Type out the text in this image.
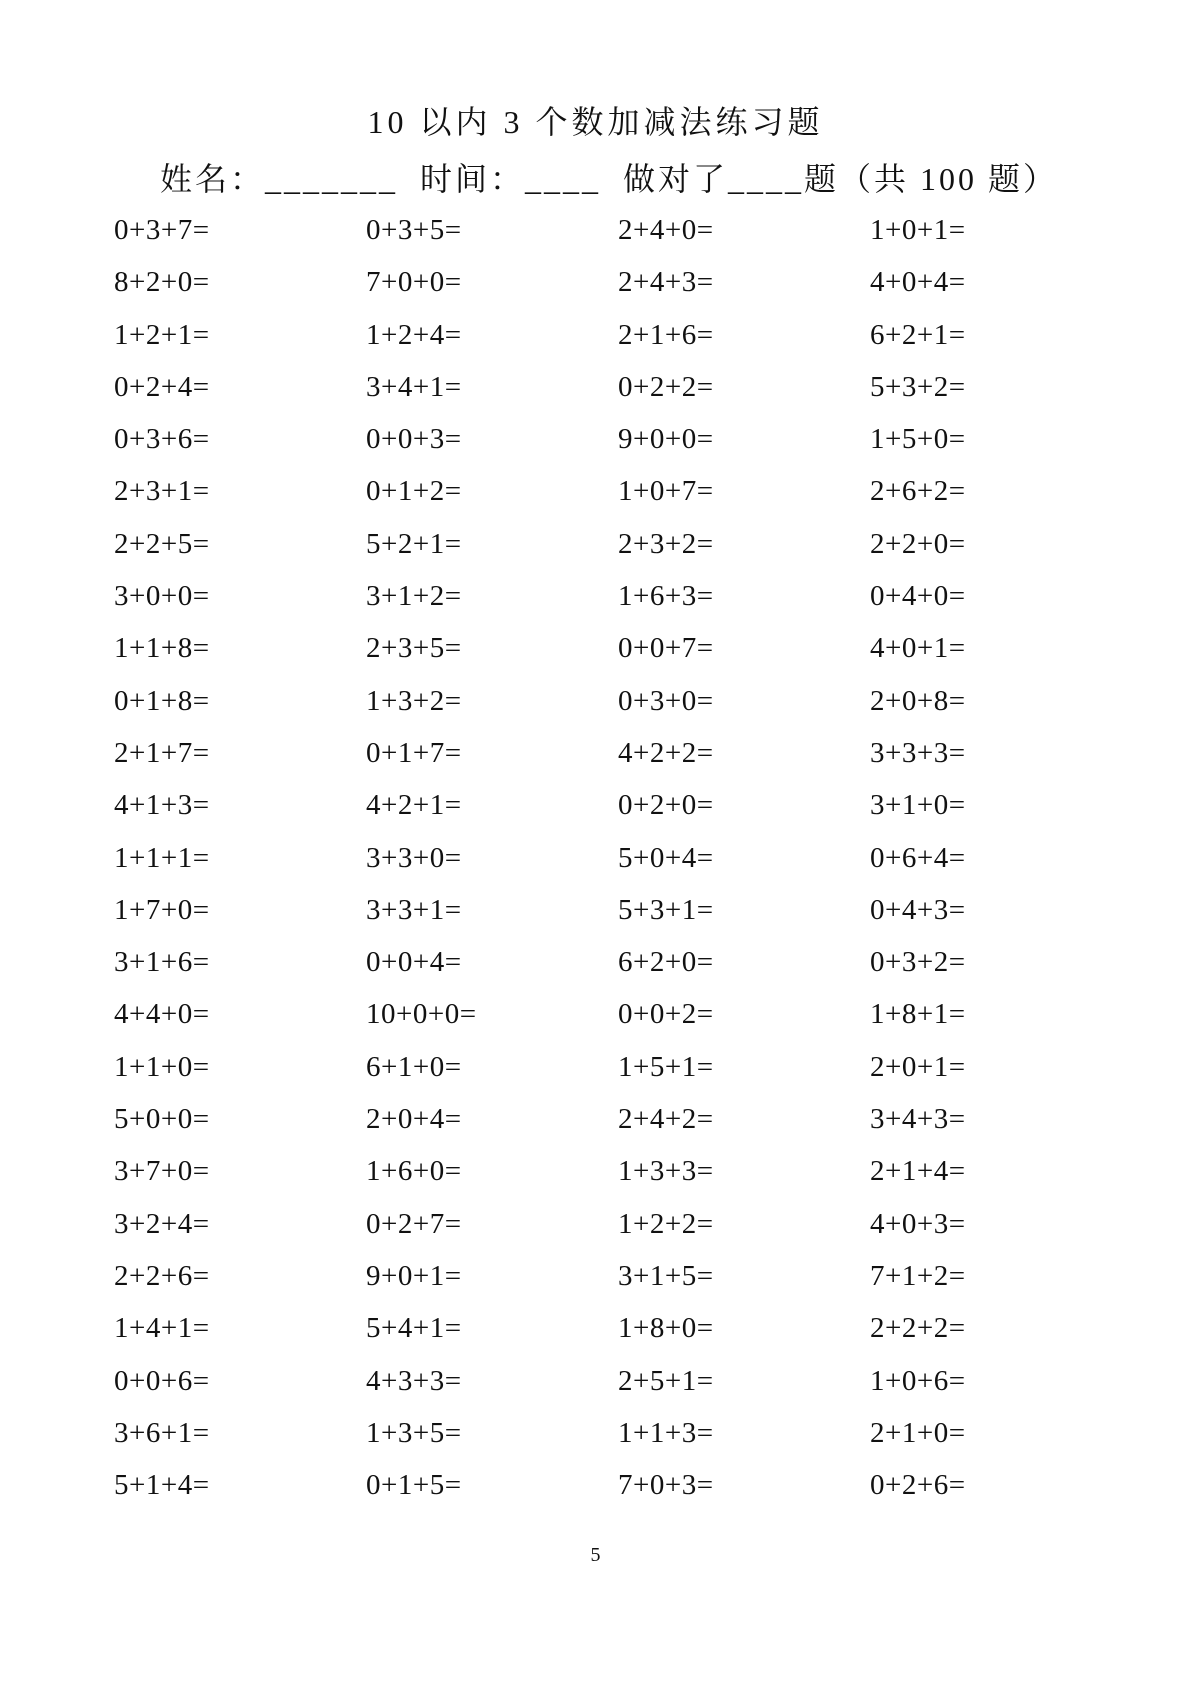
10 以内 3 个数加减法练习题
姓名：_______ 时间：____ 做对了____题（共 100 题）
0+3+7=	0+3+5=	2+4+0=	1+0+1=
8+2+0=	7+0+0=	2+4+3=	4+0+4=
1+2+1=	1+2+4=	2+1+6=	6+2+1=
0+2+4=	3+4+1=	0+2+2=	5+3+2=
0+3+6=	0+0+3=	9+0+0=	1+5+0=
2+3+1=	0+1+2=	1+0+7=	2+6+2=
2+2+5=	5+2+1=	2+3+2=	2+2+0=
3+0+0=	3+1+2=	1+6+3=	0+4+0=
1+1+8=	2+3+5=	0+0+7=	4+0+1=
0+1+8=	1+3+2=	0+3+0=	2+0+8=
2+1+7=	0+1+7=	4+2+2=	3+3+3=
4+1+3=	4+2+1=	0+2+0=	3+1+0=
1+1+1=	3+3+0=	5+0+4=	0+6+4=
1+7+0=	3+3+1=	5+3+1=	0+4+3=
3+1+6=	0+0+4=	6+2+0=	0+3+2=
4+4+0=	10+0+0=	0+0+2=	1+8+1=
1+1+0=	6+1+0=	1+5+1=	2+0+1=
5+0+0=	2+0+4=	2+4+2=	3+4+3=
3+7+0=	1+6+0=	1+3+3=	2+1+4=
3+2+4=	0+2+7=	1+2+2=	4+0+3=
2+2+6=	9+0+1=	3+1+5=	7+1+2=
1+4+1=	5+4+1=	1+8+0=	2+2+2=
0+0+6=	4+3+3=	2+5+1=	1+0+6=
3+6+1=	1+3+5=	1+1+3=	2+1+0=
5+1+4=	0+1+5=	7+0+3=	0+2+6=
5
